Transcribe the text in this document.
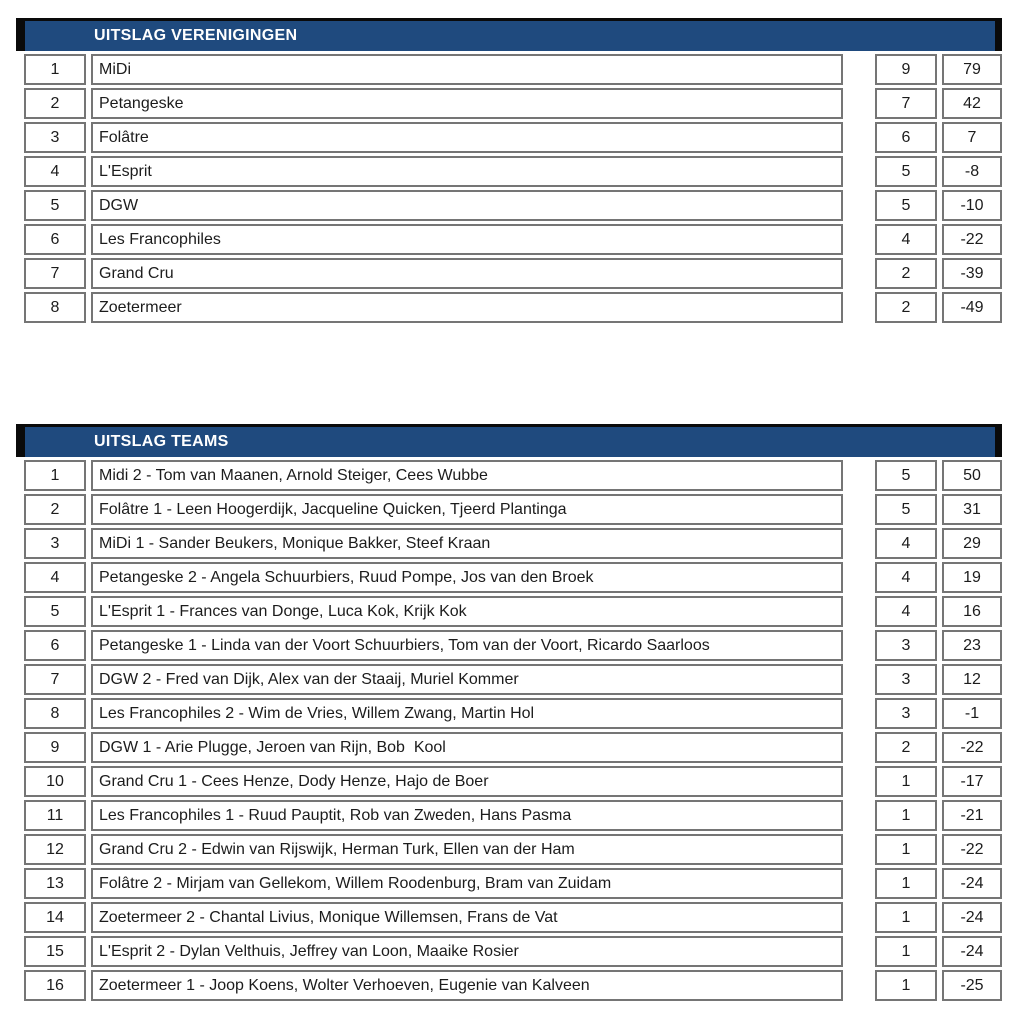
UITSLAG VERENIGINGEN
1	MiDi	9	79
2	Petangeske	7	42
3	Folâtre	6	7
4	L'Esprit	5	-8
5	DGW	5	-10
6	Les Francophiles	4	-22
7	Grand Cru	2	-39
8	Zoetermeer	2	-49
UITSLAG TEAMS
1	Midi 2 - Tom van Maanen, Arnold Steiger, Cees Wubbe	5	50
2	Folâtre 1 - Leen Hoogerdijk, Jacqueline Quicken, Tjeerd Plantinga	5	31
3	MiDi 1 - Sander Beukers, Monique Bakker, Steef Kraan	4	29
4	Petangeske 2 - Angela Schuurbiers, Ruud Pompe, Jos van den Broek	4	19
5	L'Esprit 1 - Frances van Donge, Luca Kok, Krijk Kok	4	16
6	Petangeske 1 - Linda van der Voort Schuurbiers, Tom van der Voort, Ricardo Saarloos	3	23
7	DGW 2 - Fred van Dijk, Alex van der Staaij, Muriel Kommer	3	12
8	Les Francophiles 2 - Wim de Vries, Willem Zwang, Martin Hol	3	-1
9	DGW 1 - Arie Plugge, Jeroen van Rijn, Bob  Kool	2	-22
10	Grand Cru 1 - Cees Henze, Dody Henze, Hajo de Boer	1	-17
11	Les Francophiles 1 - Ruud Pauptit, Rob van Zweden, Hans Pasma	1	-21
12	Grand Cru 2 - Edwin van Rijswijk, Herman Turk, Ellen van der Ham	1	-22
13	Folâtre 2 - Mirjam van Gellekom, Willem Roodenburg, Bram van Zuidam	1	-24
14	Zoetermeer 2 - Chantal Livius, Monique Willemsen, Frans de Vat	1	-24
15	L'Esprit 2 - Dylan Velthuis, Jeffrey van Loon, Maaike Rosier	1	-24
16	Zoetermeer 1 - Joop Koens, Wolter Verhoeven, Eugenie van Kalveen	1	-25
